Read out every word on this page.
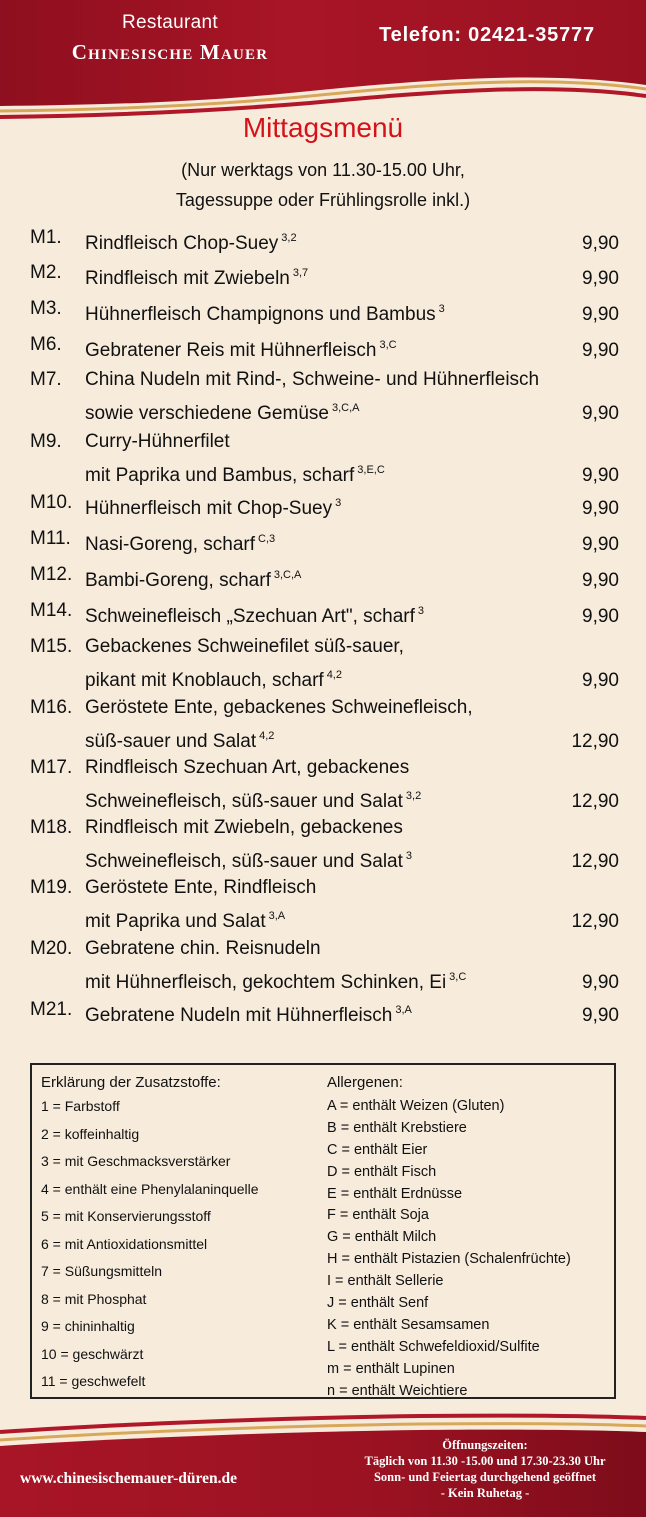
Restaurant
Chinesische Mauer
Telefon: 02421-35777
Mittagsmenü
(Nur werktags von 11.30-15.00 Uhr,
Tagessuppe oder Frühlingsrolle inkl.)
M1. Rindfleisch Chop-Suey $^{3,2}$	9,90
M2. Rindfleisch mit Zwiebeln $^{3,7}$	9,90
M3. Hühnerfleisch Champignons und Bambus $^3$	9,90
M6. Gebratener Reis mit Hühnerfleisch $^{3,C}$	9,90
M7. China Nudeln mit Rind-, Schweine- und Hühnerfleisch
sowie verschiedene Gemüse $^{3,C,A}$	9,90
M9. Curry-Hühnerfilet
mit Paprika und Bambus, scharf $^{3,E,C}$	9,90
M10. Hühnerfleisch mit Chop-Suey $^3$	9,90
M11. Nasi-Goreng, scharf $^{C,3}$	9,90
M12. Bambi-Goreng, scharf $^{3,C,A}$	9,90
M14. Schweinefleisch „Szechuan Art", scharf $^3$	9,90
M15. Gebackenes Schweinefilet süß-sauer,
pikant mit Knoblauch, scharf $^{4,2}$	9,90
M16. Geröstete Ente, gebackenes Schweinefleisch,
süß-sauer und Salat $^{4,2}$	12,90
M17. Rindfleisch Szechuan Art, gebackenes
Schweinefleisch, süß-sauer und Salat $^{3,2}$	12,90
M18. Rindfleisch mit Zwiebeln, gebackenes
Schweinefleisch, süß-sauer und Salat $^3$	12,90
M19. Geröstete Ente, Rindfleisch
mit Paprika und Salat $^{3,A}$	12,90
M20. Gebratene chin. Reisnudeln
mit Hühnerfleisch, gekochtem Schinken, Ei $^{3,C}$	9,90
M21. Gebratene Nudeln mit Hühnerfleisch $^{3,A}$	9,90
Erklärung der Zusatzstoffe:
1 = Farbstoff
2 = koffeinhaltig
3 = mit Geschmacksverstärker
4 = enthält eine Phenylalaninquelle
5 = mit Konservierungsstoff
6 = mit Antioxidationsmittel
7 = Süßungsmitteln
8 = mit Phosphat
9 = chininhaltig
10 = geschwärzt
11 = geschwefelt
Allergenen:
A = enthält Weizen (Gluten)
B = enthält Krebstiere
C = enthält Eier
D = enthält Fisch
E = enthält Erdnüsse
F = enthält Soja
G = enthält Milch
H = enthält Pistazien (Schalenfrüchte)
I = enthält Sellerie
J = enthält Senf
K = enthält Sesamsamen
L = enthält Schwefeldioxid/Sulfite
m = enthält Lupinen
n = enthält Weichtiere
www.chinesischemauer-düren.de
Öffnungszeiten:
Täglich von 11.30 -15.00 und 17.30-23.30 Uhr
Sonn- und Feiertag durchgehend geöffnet
- Kein Ruhetag -
